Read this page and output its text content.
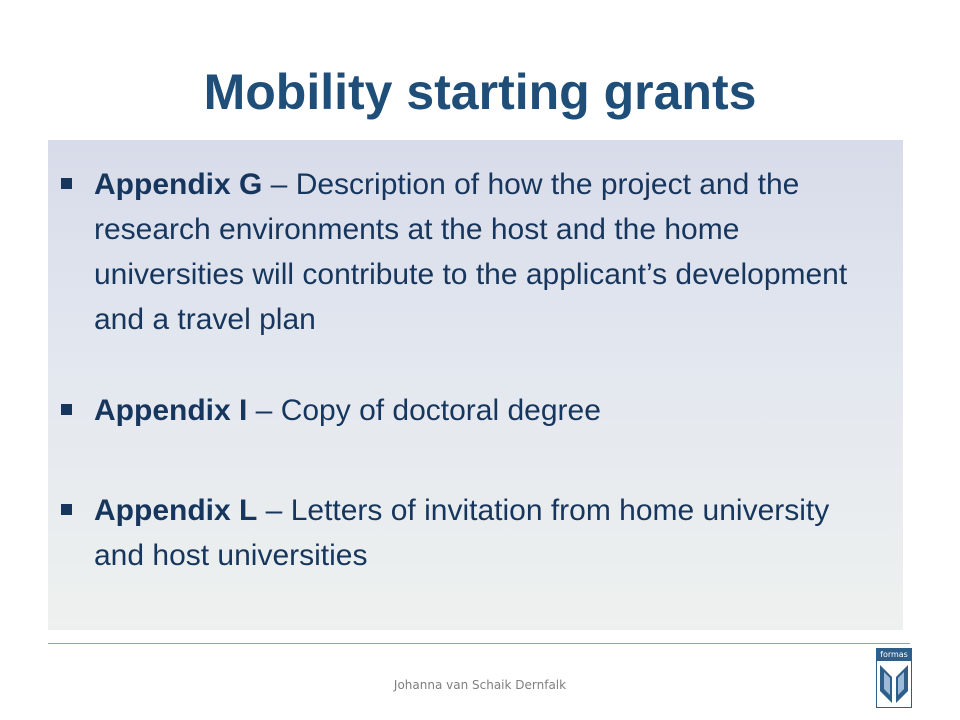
Mobility starting grants
Appendix G – Description of how the project and the research environments at the host and the home universities will contribute to the applicant’s development and a travel plan
Appendix I – Copy of doctoral degree
Appendix L – Letters of invitation from home university and host universities
Johanna van Schaik Dernfalk
formas
